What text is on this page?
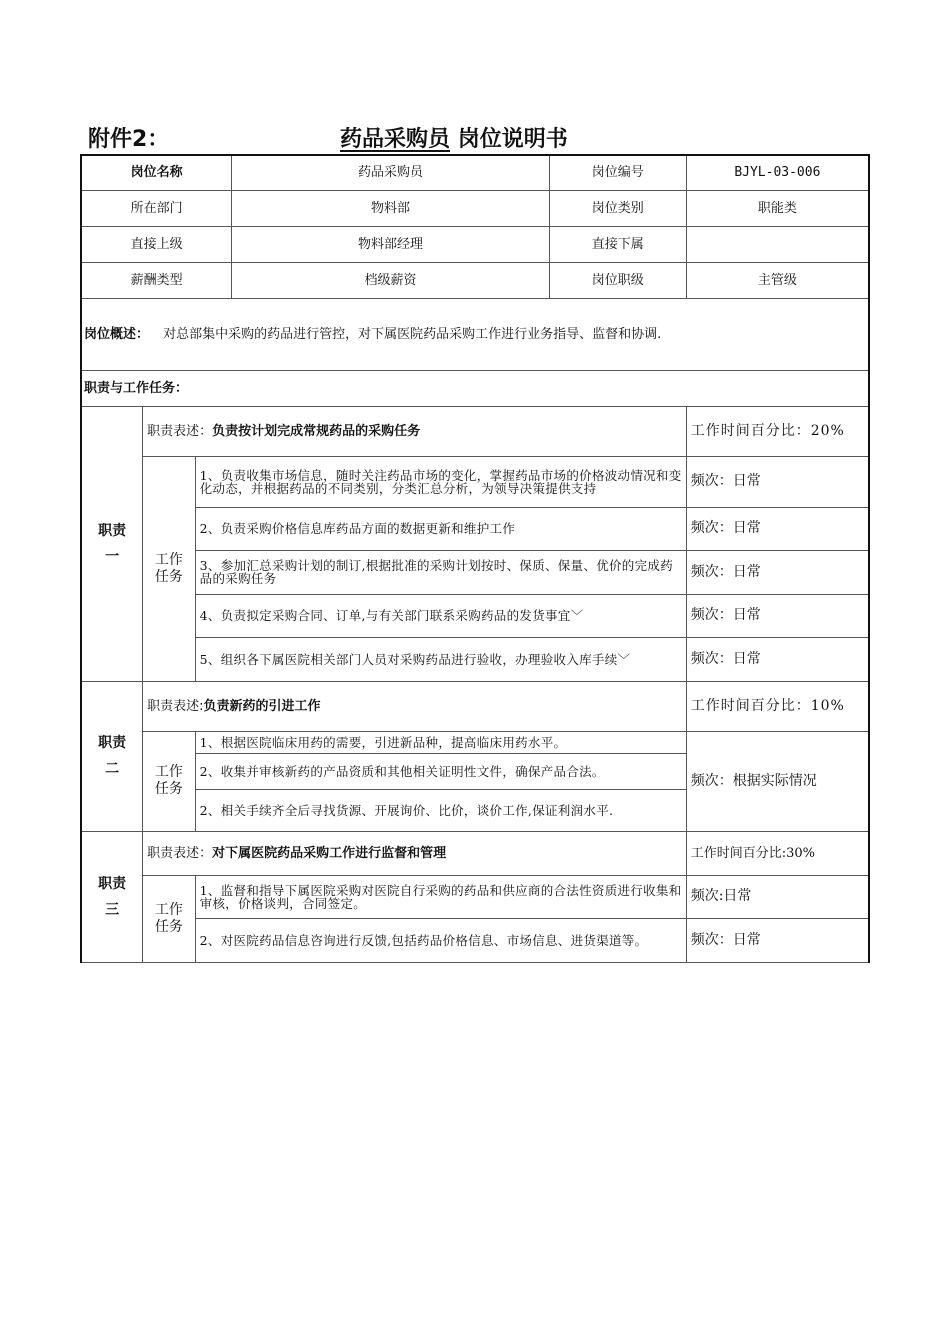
附件2：	药品采购员 岗位说明书
岗位名称			药品采购员	岗位编号	BJYL-03-006
所在部门			物料部	岗位类别	职能类
直接上级			物料部经理	直接下属	
薪酬类型			档级薪资	岗位职级	主管级
岗位概述： 对总部集中采购的药品进行管控，对下属医院药品采购工作进行业务指导、监督和协调.					
职责与工作任务：					
职责一	职责表述：负责按计划完成常规药品的采购任务				工作时间百分比：20%
	工作任务	1、负责收集市场信息，随时关注药品市场的变化，掌握药品市场的价格波动情况和变化动态，并根据药品的不同类别，分类汇总分析，为领导决策提供支持			频次：日常
		2、负责采购价格信息库药品方面的数据更新和维护工作			频次：日常
		3、参加汇总采购计划的制订,根据批准的采购计划按时、保质、保量、优价的完成药品的采购任务			频次：日常
		4、负责拟定采购合同、订单,与有关部门联系采购药品的发货事宜﹀			频次：日常
		5、组织各下属医院相关部门人员对采购药品进行验收，办理验收入库手续﹀			频次：日常
职责二	职责表述:负责新药的引进工作				工作时间百分比：10%
	工作任务	1、根据医院临床用药的需要，引进新品种，提高临床用药水平。			频次：根据实际情况
		2、收集并审核新药的产品资质和其他相关证明性文件，确保产品合法。			
		2、相关手续齐全后寻找货源、开展询价、比价，谈价工作,保证利润水平.			
职责三	职责表述：对下属医院药品采购工作进行监督和管理				工作时间百分比:30%
	工作任务	1、监督和指导下属医院采购对医院自行采购的药品和供应商的合法性资质进行收集和审核，价格谈判，合同签定。			频次:日常
		2、对医院药品信息咨询进行反馈,包括药品价格信息、市场信息、进货渠道等。			频次：日常
